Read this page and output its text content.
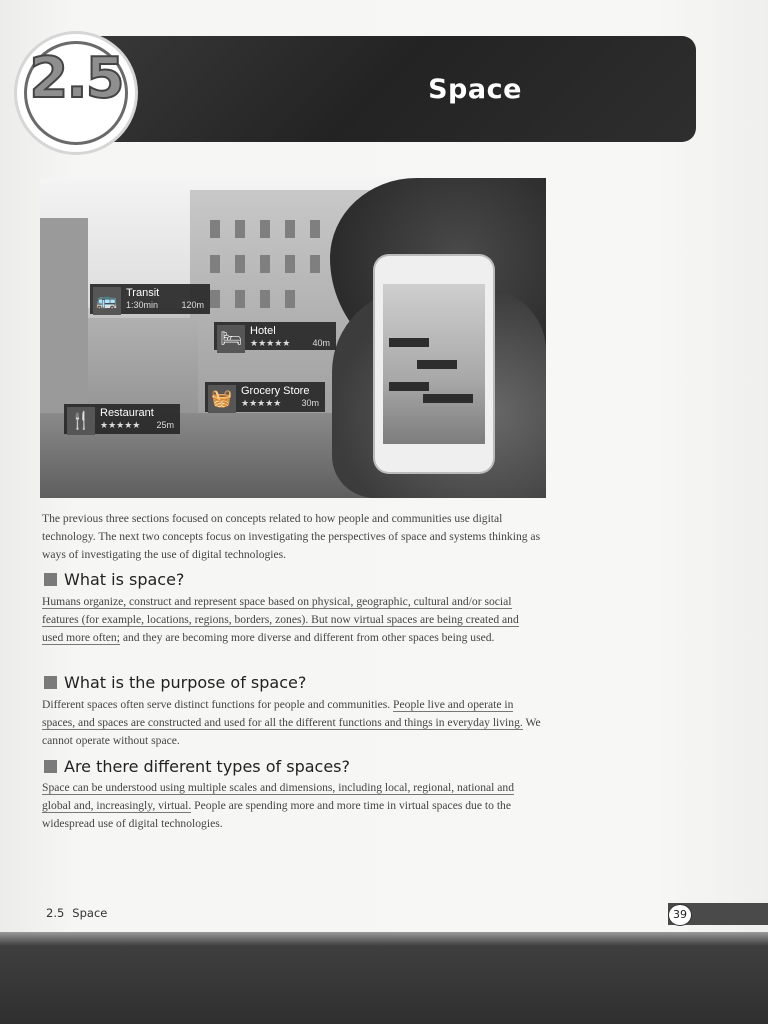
Space
2.5
🚌 Transit
1:30min	120m
🛏 Hotel
★★★★★ 40m
🧺 Grocery Store
★★★★★ 30m
🍴 Restaurant
★★★★★ 25m
The previous three sections focused on concepts related to how people and communities use digital technology. The next two concepts focus on investigating the perspectives of space and systems thinking as ways of investigating the use of digital technologies.
What is space?
Humans organize, construct and represent space based on physical, geographic, cultural and/or social features (for example, locations, regions, borders, zones). But now virtual spaces are being created and used more often; and they are becoming more diverse and different from other spaces being used.
What is the purpose of space?
Different spaces often serve distinct functions for people and communities. People live and operate in spaces, and spaces are constructed and used for all the different functions and things in everyday living. We cannot operate without space.
Are there different types of spaces?
Space can be understood using multiple scales and dimensions, including local, regional, national and global and, increasingly, virtual. People are spending more and more time in virtual spaces due to the widespread use of digital technologies.
2.5 Space	39
